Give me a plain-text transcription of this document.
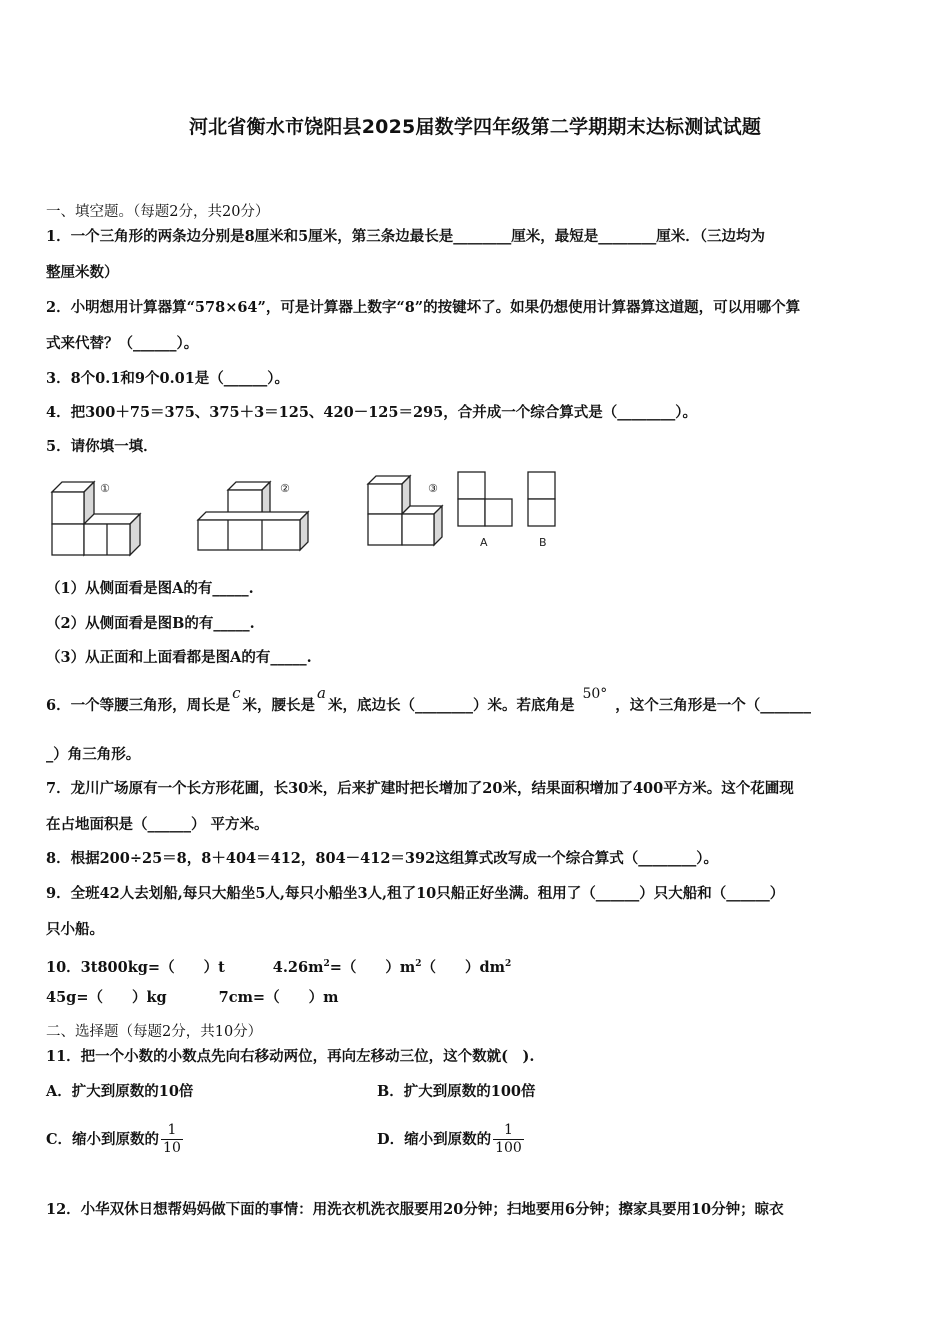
河北省衡水市饶阳县2025届数学四年级第二学期期末达标测试试题
一、填空题。（每题2分，共20分）
1．一个三角形的两条边分别是8厘米和5厘米，第三条边最长是________厘米，最短是________厘米．（三边均为
整厘米数）
2．小明想用计算器算“578×64”，可是计算器上数字“8”的按键坏了。如果仍想使用计算器算这道题，可以用哪个算
式来代替？（______）。
3．8个0.1和9个0.01是（______）。
4．把300＋75＝375、375＋3＝125、420－125＝295，合并成一个综合算式是（________）。
5．请你填一填．
①	②	③
A	B
（1）从侧面看是图A的有_____.
（2）从侧面看是图B的有_____.
（3）从正面和上面看都是图A的有_____.
6．一个等腰三角形，周长是c米，腰长是a米，底边长（________）米。若底角是50°，这个三角形是一个（_______
_）角三角形。
7．龙川广场原有一个长方形花圃，长30米，后来扩建时把长增加了20米，结果面积增加了400平方米。这个花圃现
在占地面积是（______） 平方米。
8．根据200÷25＝8，8＋404＝412，804－412＝392这组算式改写成一个综合算式（________）。
9．全班42人去划船,每只大船坐5人,每只小船坐3人,租了10只船正好坐满。租用了（______）只大船和（______）
只小船。
10．3t800kg=（　　）t	$4.26m^2=$（　　）$m^2$（　　）$dm^2$
45g=（　　）kg	7cm=（　　）m
二、选择题（每题2分，共10分）
11．把一个小数的小数点先向右移动两位，再向左移动三位，这个数就(　).
A．扩大到原数的10倍	B．扩大到原数的100倍
C．缩小到原数的 $\frac{1}{10}$	D．缩小到原数的 $\frac{1}{100}$
12．小华双休日想帮妈妈做下面的事情：用洗衣机洗衣服要用20分钟；扫地要用6分钟；擦家具要用10分钟；晾衣
